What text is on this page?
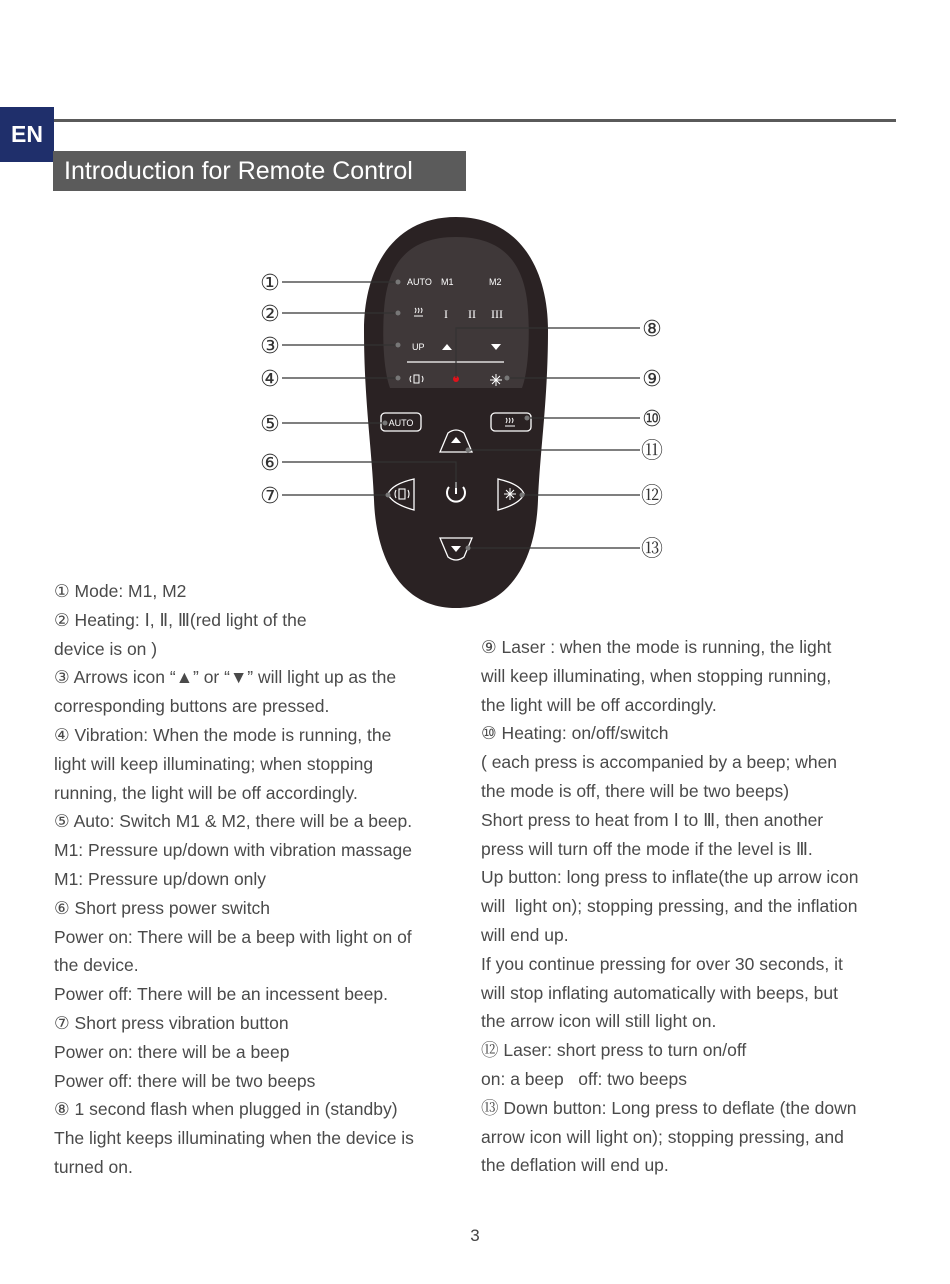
EN
Introduction for Remote Control
AUTO M1	M2
I II III
UP
AUTO
①
②
③
④
⑤
⑥
⑦
⑧
⑨
⑩
⑪
⑫
⑬

① Mode: M1, M2

② Heating: Ⅰ, Ⅱ, Ⅲ(red light of the

device is on )

③ Arrows icon “▲” or “▼” will light up as the

corresponding buttons are pressed.

④ Vibration: When the mode is running, the

light will keep illuminating; when stopping

running, the light will be off accordingly.

⑤ Auto: Switch M1 & M2, there will be a beep.

M1: Pressure up/down with vibration massage

M1: Pressure up/down only

⑥ Short press power switch

Power on: There will be a beep with light on of

the device.

Power off: There will be an incessent beep.

⑦ Short press vibration button

Power on: there will be a beep

Power off: there will be two beeps

⑧ 1 second flash when plugged in (standby)

The light keeps illuminating when the device is

turned on.

⑨ Laser : when the mode is running, the light

will keep illuminating, when stopping running,

the light will be off accordingly.

⑩ Heating: on/off/switch

( each press is accompanied by a beep; when

the mode is off, there will be two beeps)

Short press to heat from Ⅰ to Ⅲ, then another

press will turn off the mode if the level is Ⅲ.

Up button: long press to inflate(the up arrow icon

will  light on); stopping pressing, and the inflation

will end up.

If you continue pressing for over 30 seconds, it

will stop inflating automatically with beeps, but

the arrow icon will still light on.

⑫ Laser: short press to turn on/off

on: a beep   off: two beeps

⑬ Down button: Long press to deflate (the down

arrow icon will light on); stopping pressing, and

the deflation will end up.

3
